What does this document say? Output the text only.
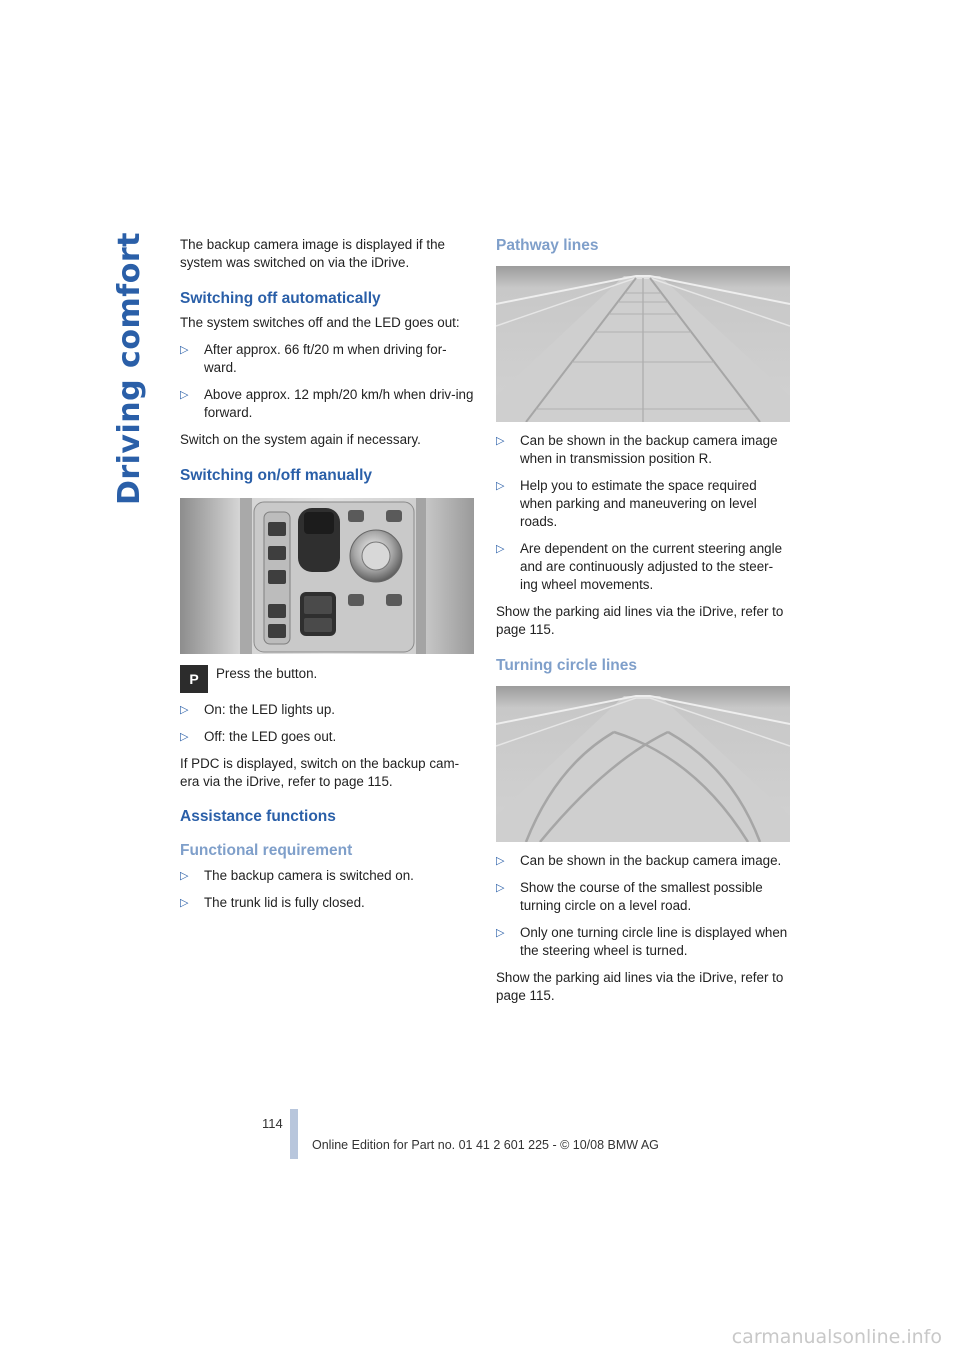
Driving comfort The backup camera image is displayed if the system was switched on via the iDrive.

Switching off automatically

The system switches off and the LED goes out:

▷ After approx. 66 ft/20 m when driving for-ward.
▷ Above approx. 12 mph/20 km/h when driv-ing forward.

Switch on the system again if necessary.

Switching on/off manually
P	Press the button.
▷ On: the LED lights up.
▷ Off: the LED goes out.

If PDC is displayed, switch on the backup cam-era via the iDrive, refer to page 115.

Assistance functions
Functional requirement
▷ The backup camera is switched on.
▷ The trunk lid is fully closed.
Pathway lines
▷ Can be shown in the backup camera image when in transmission position R.
▷ Help you to estimate the space required when parking and maneuvering on level roads.
▷ Are dependent on the current steering angle and are continuously adjusted to the steer-ing wheel movements.

Show the parking aid lines via the iDrive, refer to page 115.

Turning circle lines
▷ Can be shown in the backup camera image.
▷ Show the course of the smallest possible turning circle on a level road.
▷ Only one turning circle line is displayed when the steering wheel is turned.

Show the parking aid lines via the iDrive, refer to page 115.

114
Online Edition for Part no. 01 41 2 601 225 - © 10/08 BMW AG
carmanualsonline.info
